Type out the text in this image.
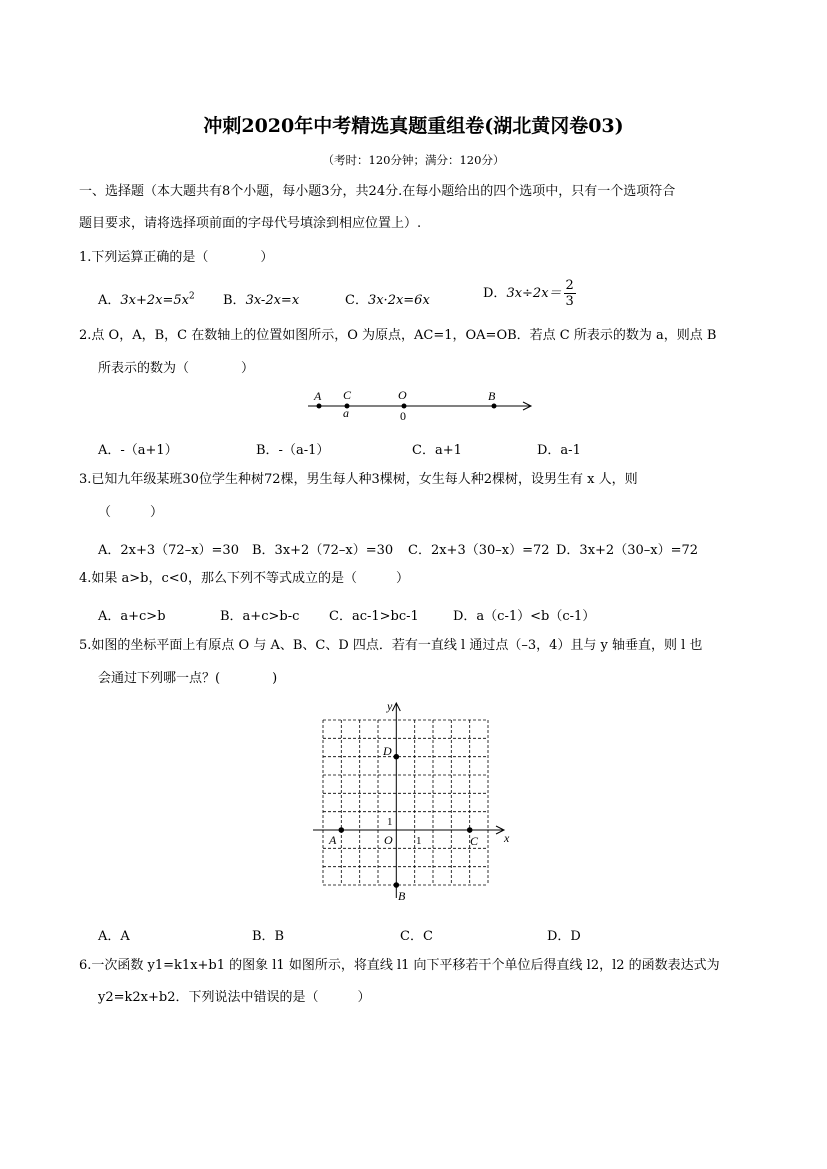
冲刺2020年中考精选真题重组卷(湖北黄冈卷03)
（考时：120分钟；满分：120分）
一、选择题（本大题共有8个小题，每小题3分，共24分.在每小题给出的四个选项中，只有一个选项符合
题目要求，请将选择项前面的字母代号填涂到相应位置上）.
1.下列运算正确的是（　　　　）
A．$3x+2x=5x^2$ B．3x-2x=x	C．3x·2x=6x	D．$3x\div 2x= \frac{2}{3}$
2.点 O，A，B，C 在数轴上的位置如图所示，O 为原点，AC=1，OA=OB．若点 C 所表示的数为 a，则点 B
所表示的数为（　　　　）
A C
a
O
0
B
A．-（a+1）	B．-（a-1）	C．a+1	D．a-1
3.已知九年级某班30位学生种树72棵，男生每人种3棵树，女生每人种2棵树，设男生有 x 人，则
（　　　）
A．2x+3（72–x）=30 B．3x+2（72–x）=30 C．2x+3（30–x）=72 D．3x+2（30–x）=72
4.如果 a>b，c<0，那么下列不等式成立的是（　　　）
A．a+c>b	B．a+c>b-c C．ac-1>bc-1	D．a（c-1）<b（c-1）
5.如图的坐标平面上有原点 O 与 A、B、C、D 四点．若有一直线 l 通过点（–3，4）且与 y 轴垂直，则 l 也
会通过下列哪一点？(　　　　)
y
x
D
1
A	O 1	C
B
A．A	B．B	C．C	D．D
6.一次函数 y1=k1x+b1 的图象 l1 如图所示，将直线 l1 向下平移若干个单位后得直线 l2，l2 的函数表达式为
y2=k2x+b2．下列说法中错误的是（　　　）
